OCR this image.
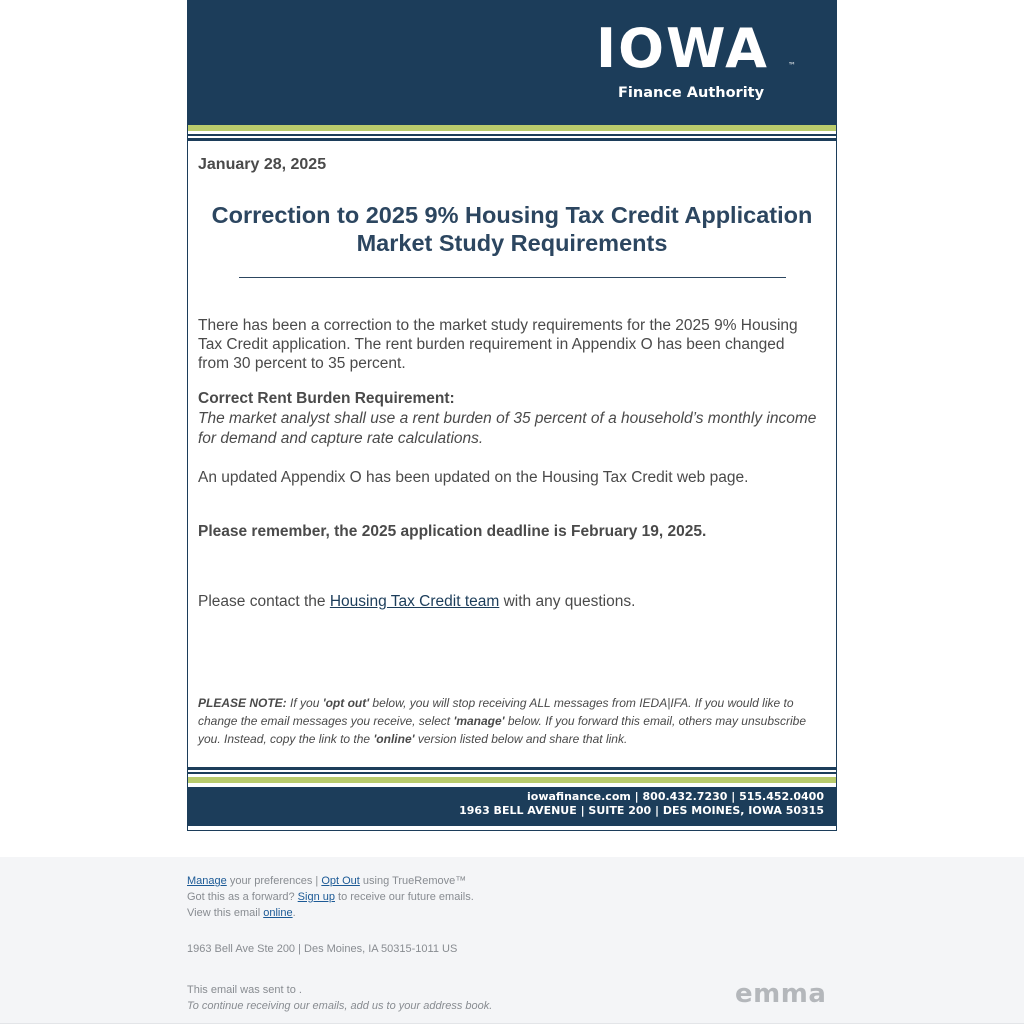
IOWA	™
Finance Authority
January 28, 2025
Correction to 2025 9% Housing Tax Credit Application
Market Study Requirements
There has been a correction to the market study requirements for the 2025 9% Housing Tax Credit application. The rent burden requirement in Appendix O has been changed from 30 percent to 35 percent.
Correct Rent Burden Requirement:
The market analyst shall use a rent burden of 35 percent of a household’s monthly income for demand and capture rate calculations.
An updated Appendix O has been updated on the Housing Tax Credit web page.
Please remember, the 2025 application deadline is February 19, 2025.
Please contact the Housing Tax Credit team with any questions.
PLEASE NOTE: If you 'opt out' below, you will stop receiving ALL messages from IEDA|IFA. If you would like to change the email messages you receive, select 'manage' below. If you forward this email, others may unsubscribe you. Instead, copy the link to the 'online' version listed below and share that link.
iowafinance.com | 800.432.7230 | 515.452.0400
1963 BELL AVENUE | SUITE 200 | DES MOINES, IOWA 50315
Manage your preferences | Opt Out using TrueRemove™
Got this as a forward? Sign up to receive our future emails.
View this email online.
1963 Bell Ave Ste 200 | Des Moines, IA 50315-1011 US
This email was sent to .
To continue receiving our emails, add us to your address book.	emma
